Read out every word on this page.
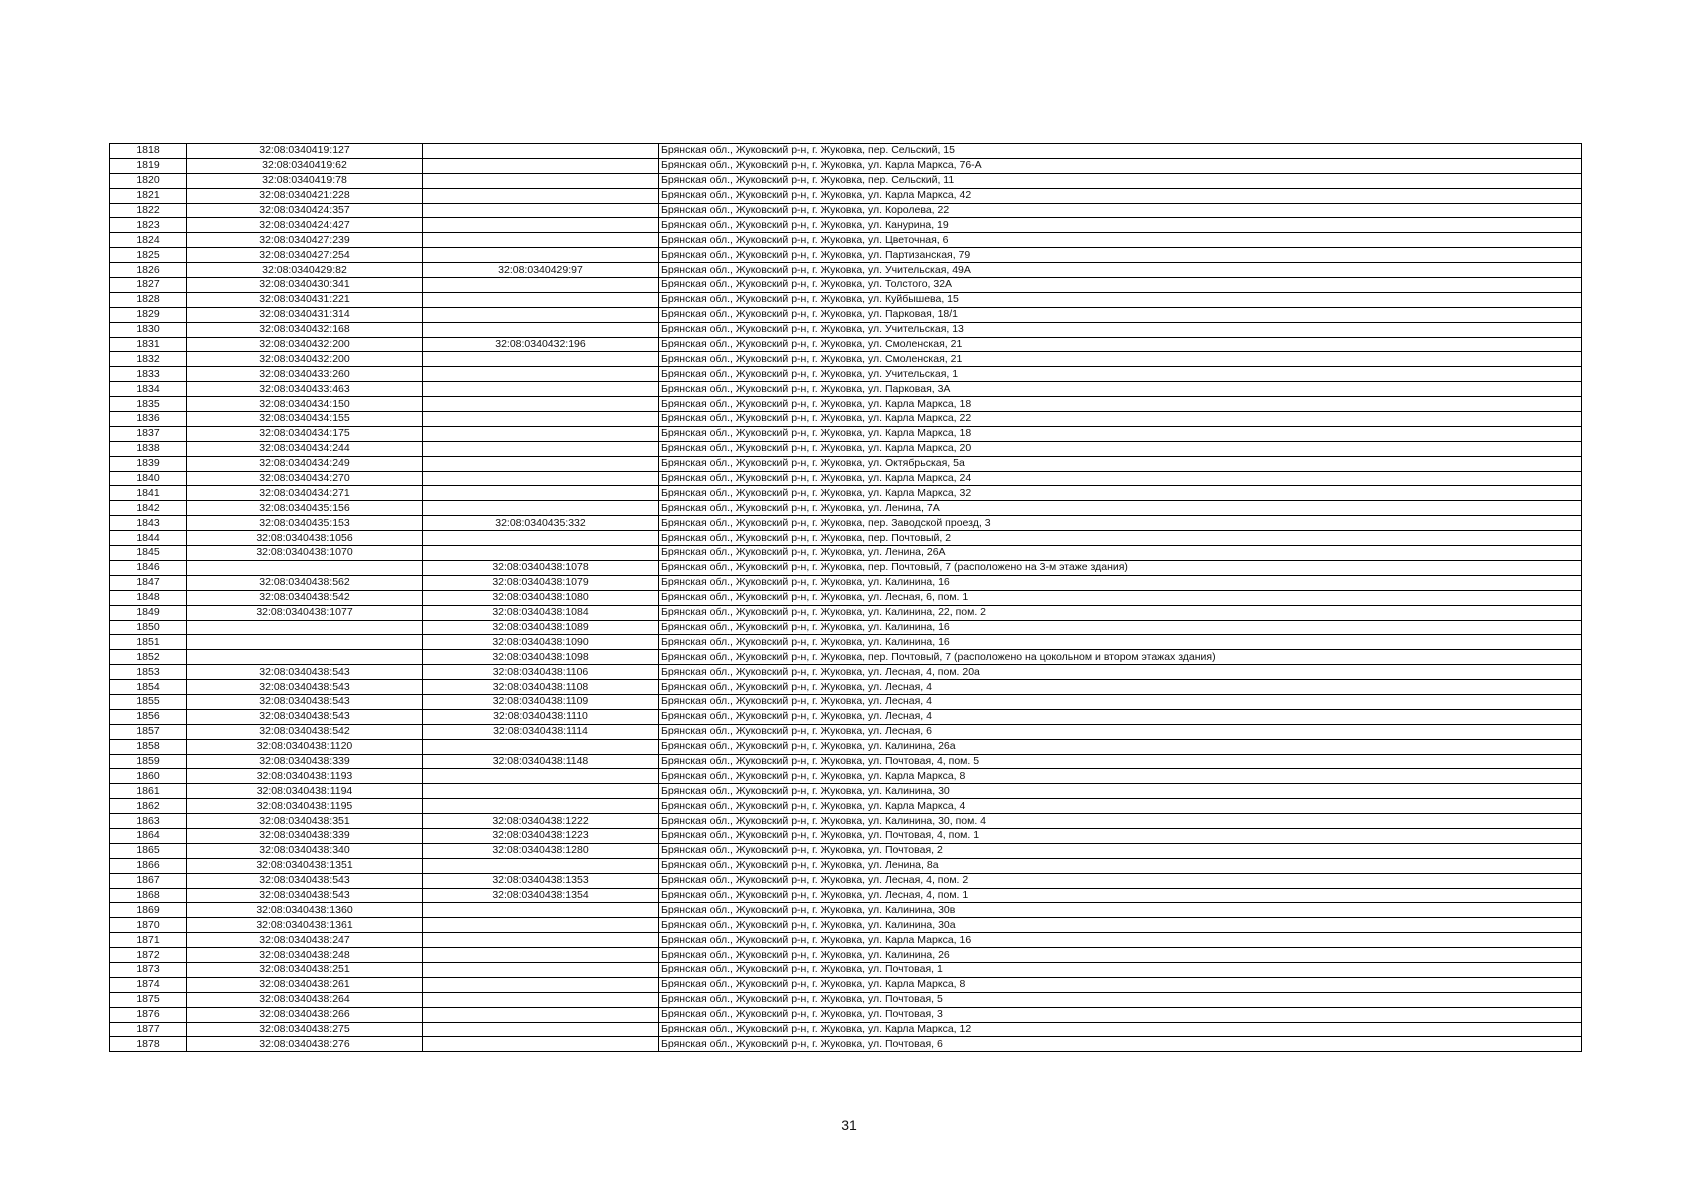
1818	32:08:0340419:127		Брянская обл., Жуковский р-н, г. Жуковка, пер. Сельский, 15
1819	32:08:0340419:62		Брянская обл., Жуковский р-н, г. Жуковка, ул. Карла Маркса, 76-А
1820	32:08:0340419:78		Брянская обл., Жуковский р-н, г. Жуковка, пер. Сельский, 11
1821	32:08:0340421:228		Брянская обл., Жуковский р-н, г. Жуковка, ул. Карла Маркса, 42
1822	32:08:0340424:357		Брянская обл., Жуковский р-н, г. Жуковка, ул. Королева, 22
1823	32:08:0340424:427		Брянская обл., Жуковский р-н, г. Жуковка, ул. Канурина, 19
1824	32:08:0340427:239		Брянская обл., Жуковский р-н, г. Жуковка, ул. Цветочная, 6
1825	32:08:0340427:254		Брянская обл., Жуковский р-н, г. Жуковка, ул. Партизанская, 79
1826	32:08:0340429:82	32:08:0340429:97	Брянская обл., Жуковский р-н, г. Жуковка, ул. Учительская, 49А
1827	32:08:0340430:341		Брянская обл., Жуковский р-н, г. Жуковка, ул. Толстого, 32А
1828	32:08:0340431:221		Брянская обл., Жуковский р-н, г. Жуковка, ул. Куйбышева, 15
1829	32:08:0340431:314		Брянская обл., Жуковский р-н, г. Жуковка, ул. Парковая, 18/1
1830	32:08:0340432:168		Брянская обл., Жуковский р-н, г. Жуковка, ул. Учительская, 13
1831	32:08:0340432:200	32:08:0340432:196	Брянская обл., Жуковский р-н, г. Жуковка, ул. Смоленская, 21
1832	32:08:0340432:200		Брянская обл., Жуковский р-н, г. Жуковка, ул. Смоленская, 21
1833	32:08:0340433:260		Брянская обл., Жуковский р-н, г. Жуковка, ул. Учительская, 1
1834	32:08:0340433:463		Брянская обл., Жуковский р-н, г. Жуковка, ул. Парковая, 3А
1835	32:08:0340434:150		Брянская обл., Жуковский р-н, г. Жуковка, ул. Карла Маркса, 18
1836	32:08:0340434:155		Брянская обл., Жуковский р-н, г. Жуковка, ул. Карла Маркса, 22
1837	32:08:0340434:175		Брянская обл., Жуковский р-н, г. Жуковка, ул. Карла Маркса, 18
1838	32:08:0340434:244		Брянская обл., Жуковский р-н, г. Жуковка, ул. Карла Маркса, 20
1839	32:08:0340434:249		Брянская обл., Жуковский р-н, г. Жуковка, ул. Октябрьская, 5а
1840	32:08:0340434:270		Брянская обл., Жуковский р-н, г. Жуковка, ул. Карла Маркса, 24
1841	32:08:0340434:271		Брянская обл., Жуковский р-н, г. Жуковка, ул. Карла Маркса, 32
1842	32:08:0340435:156		Брянская обл., Жуковский р-н, г. Жуковка, ул. Ленина, 7А
1843	32:08:0340435:153	32:08:0340435:332	Брянская обл., Жуковский р-н, г. Жуковка, пер. Заводской проезд, 3
1844	32:08:0340438:1056		Брянская обл., Жуковский р-н, г. Жуковка, пер. Почтовый, 2
1845	32:08:0340438:1070		Брянская обл., Жуковский р-н, г. Жуковка, ул. Ленина, 26А
1846		32:08:0340438:1078	Брянская обл., Жуковский р-н, г. Жуковка, пер. Почтовый, 7 (расположено на 3-м этаже здания)
1847	32:08:0340438:562	32:08:0340438:1079	Брянская обл., Жуковский р-н, г. Жуковка, ул. Калинина, 16
1848	32:08:0340438:542	32:08:0340438:1080	Брянская обл., Жуковский р-н, г. Жуковка, ул. Лесная, 6, пом. 1
1849	32:08:0340438:1077	32:08:0340438:1084	Брянская обл., Жуковский р-н, г. Жуковка, ул. Калинина, 22, пом. 2
1850		32:08:0340438:1089	Брянская обл., Жуковский р-н, г. Жуковка, ул. Калинина, 16
1851		32:08:0340438:1090	Брянская обл., Жуковский р-н, г. Жуковка, ул. Калинина, 16
1852		32:08:0340438:1098	Брянская обл., Жуковский р-н, г. Жуковка, пер. Почтовый, 7 (расположено на цокольном и втором этажах здания)
1853	32:08:0340438:543	32:08:0340438:1106	Брянская обл., Жуковский р-н, г. Жуковка, ул. Лесная, 4, пом. 20а
1854	32:08:0340438:543	32:08:0340438:1108	Брянская обл., Жуковский р-н, г. Жуковка, ул. Лесная, 4
1855	32:08:0340438:543	32:08:0340438:1109	Брянская обл., Жуковский р-н, г. Жуковка, ул. Лесная, 4
1856	32:08:0340438:543	32:08:0340438:1110	Брянская обл., Жуковский р-н, г. Жуковка, ул. Лесная, 4
1857	32:08:0340438:542	32:08:0340438:1114	Брянская обл., Жуковский р-н, г. Жуковка, ул. Лесная, 6
1858	32:08:0340438:1120		Брянская обл., Жуковский р-н, г. Жуковка, ул. Калинина, 26а
1859	32:08:0340438:339	32:08:0340438:1148	Брянская обл., Жуковский р-н, г. Жуковка, ул. Почтовая, 4, пом. 5
1860	32:08:0340438:1193		Брянская обл., Жуковский р-н, г. Жуковка, ул. Карла Маркса, 8
1861	32:08:0340438:1194		Брянская обл., Жуковский р-н, г. Жуковка, ул. Калинина, 30
1862	32:08:0340438:1195		Брянская обл., Жуковский р-н, г. Жуковка, ул. Карла Маркса, 4
1863	32:08:0340438:351	32:08:0340438:1222	Брянская обл., Жуковский р-н, г. Жуковка, ул. Калинина, 30, пом. 4
1864	32:08:0340438:339	32:08:0340438:1223	Брянская обл., Жуковский р-н, г. Жуковка, ул. Почтовая, 4, пом. 1
1865	32:08:0340438:340	32:08:0340438:1280	Брянская обл., Жуковский р-н, г. Жуковка, ул. Почтовая, 2
1866	32:08:0340438:1351		Брянская обл., Жуковский р-н, г. Жуковка, ул. Ленина, 8а
1867	32:08:0340438:543	32:08:0340438:1353	Брянская обл., Жуковский р-н, г. Жуковка, ул. Лесная, 4, пом. 2
1868	32:08:0340438:543	32:08:0340438:1354	Брянская обл., Жуковский р-н, г. Жуковка, ул. Лесная, 4, пом. 1
1869	32:08:0340438:1360		Брянская обл., Жуковский р-н, г. Жуковка, ул. Калинина, 30в
1870	32:08:0340438:1361		Брянская обл., Жуковский р-н, г. Жуковка, ул. Калинина, 30а
1871	32:08:0340438:247		Брянская обл., Жуковский р-н, г. Жуковка, ул. Карла Маркса, 16
1872	32:08:0340438:248		Брянская обл., Жуковский р-н, г. Жуковка, ул. Калинина, 26
1873	32:08:0340438:251		Брянская обл., Жуковский р-н, г. Жуковка, ул. Почтовая, 1
1874	32:08:0340438:261		Брянская обл., Жуковский р-н, г. Жуковка, ул. Карла Маркса, 8
1875	32:08:0340438:264		Брянская обл., Жуковский р-н, г. Жуковка, ул. Почтовая, 5
1876	32:08:0340438:266		Брянская обл., Жуковский р-н, г. Жуковка, ул. Почтовая, 3
1877	32:08:0340438:275		Брянская обл., Жуковский р-н, г. Жуковка, ул. Карла Маркса, 12
1878	32:08:0340438:276		Брянская обл., Жуковский р-н, г. Жуковка, ул. Почтовая, 6
31
